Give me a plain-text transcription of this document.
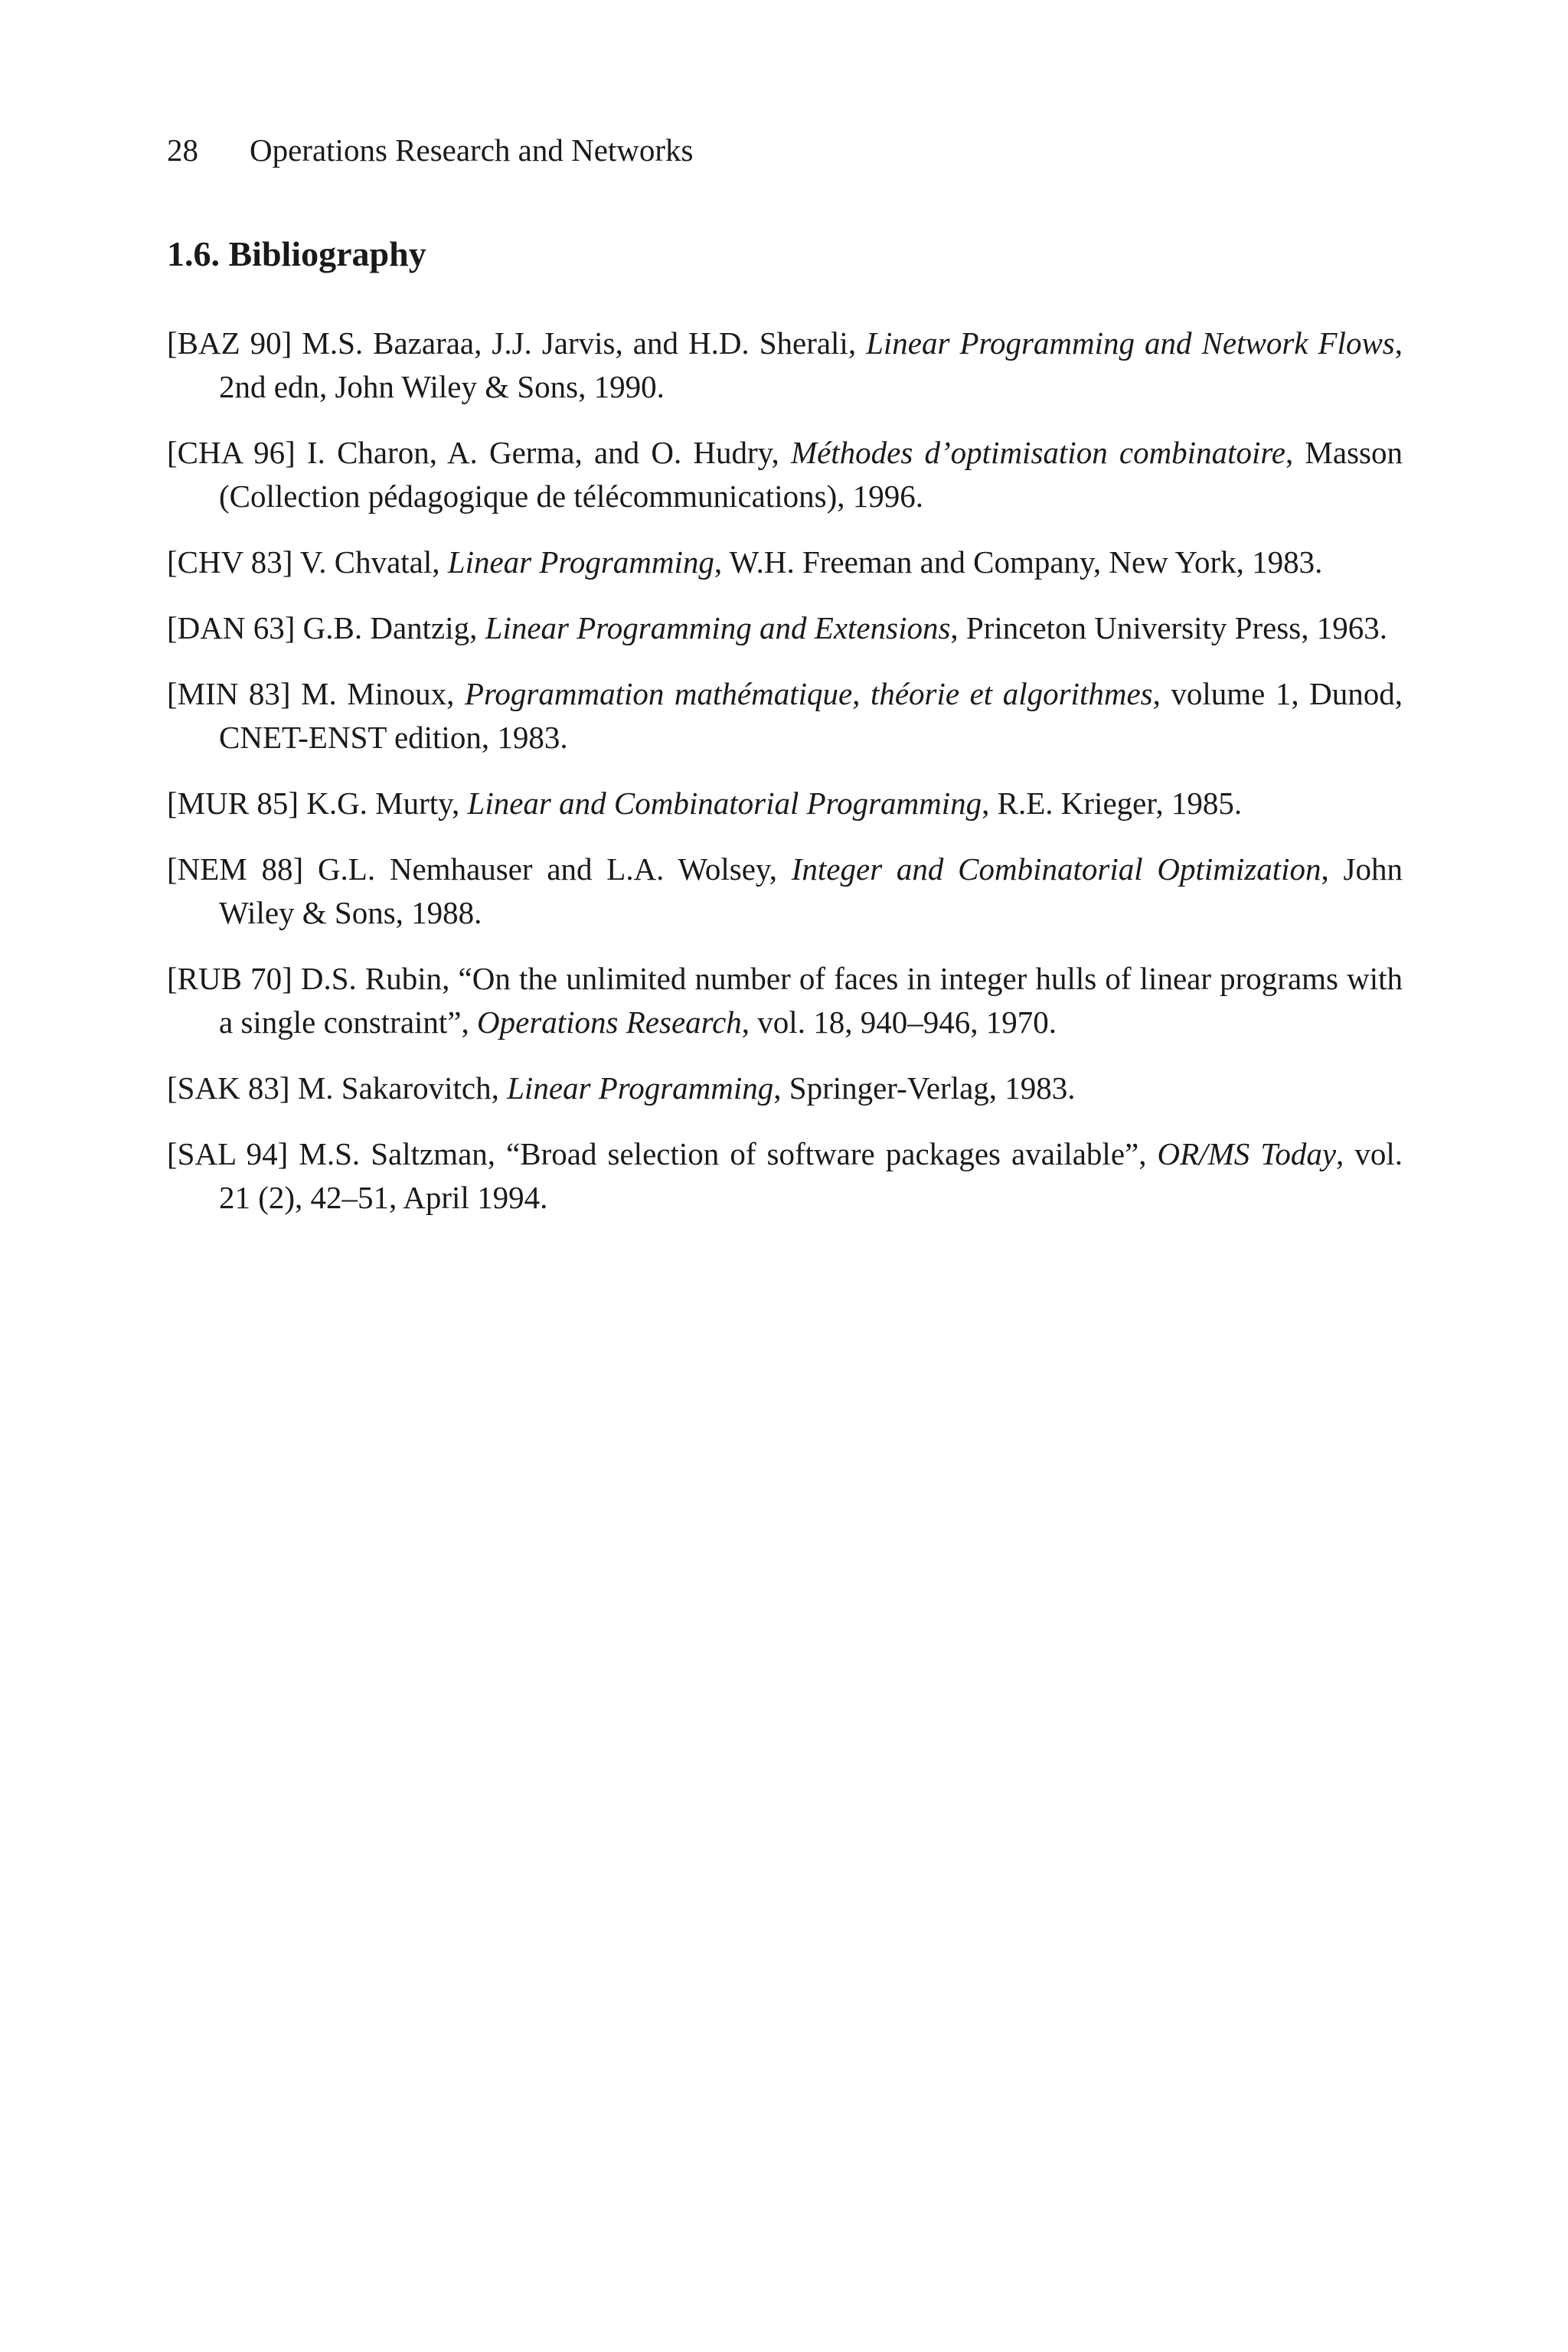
28 Operations Research and Networks
1.6. Bibliography
[BAZ 90] M.S. Bazaraa, J.J. Jarvis, and H.D. Sherali, Linear Programming and Network Flows, 2nd edn, John Wiley & Sons, 1990.
[CHA 96] I. Charon, A. Germa, and O. Hudry, Méthodes d’optimisation combinatoire, Masson (Collection pédagogique de télécommunications), 1996.
[CHV 83] V. Chvatal, Linear Programming, W.H. Freeman and Company, New York, 1983.
[DAN 63] G.B. Dantzig, Linear Programming and Extensions, Princeton University Press, 1963.
[MIN 83] M. Minoux, Programmation mathématique, théorie et algorithmes, volume 1, Dunod, CNET-ENST edition, 1983.
[MUR 85] K.G. Murty, Linear and Combinatorial Programming, R.E. Krieger, 1985.
[NEM 88] G.L. Nemhauser and L.A. Wolsey, Integer and Combinatorial Optimization, John Wiley & Sons, 1988.
[RUB 70] D.S. Rubin, “On the unlimited number of faces in integer hulls of linear programs with a single constraint”, Operations Research, vol. 18, 940–946, 1970.
[SAK 83] M. Sakarovitch, Linear Programming, Springer-Verlag, 1983.
[SAL 94] M.S. Saltzman, “Broad selection of software packages available”, OR/MS Today, vol. 21 (2), 42–51, April 1994.
